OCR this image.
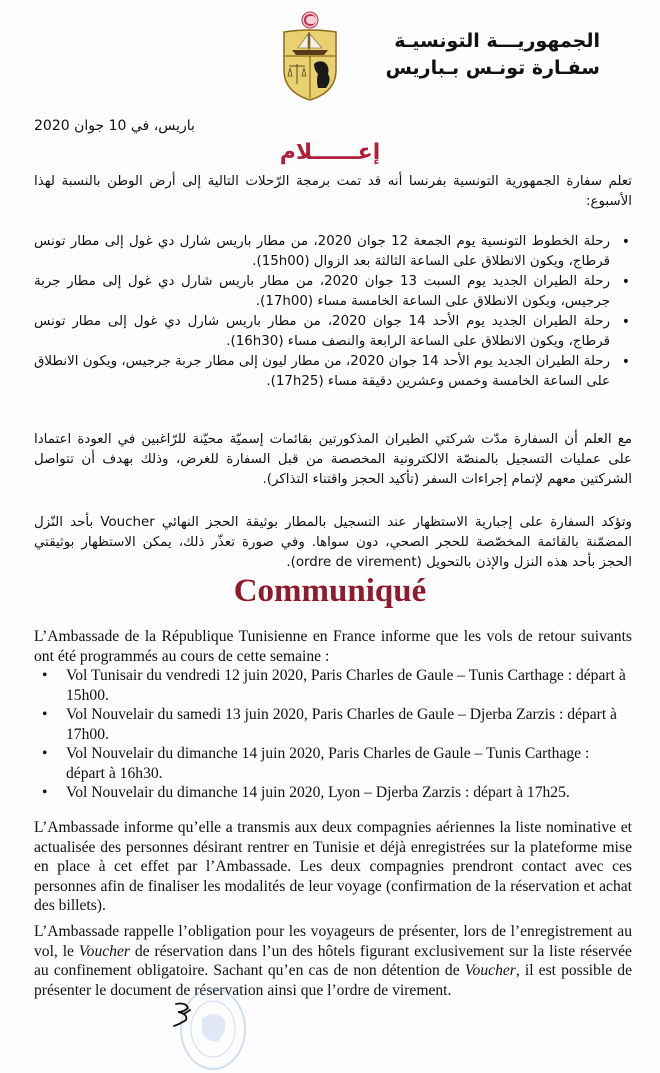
الجمهوريـــة التونسيـة
سفـارة تونـس بـباريس
باريس، في 10 جوان 2020
إعــــــلام

تعلم سفارة الجمهورية التونسية بفرنسا أنه قد تمت برمجة الرّحلات التالية إلى أرض الوطن بالنسبة لهذا الأسبوع:

• رحلة الخطوط التونسية يوم الجمعة 12 جوان 2020، من مطار باريس شارل دي غول إلى مطار تونس قرطاج، ويكون الانطلاق على الساعة الثالثة بعد الزوال (15h00).
• رحلة الطيران الجديد يوم السبت 13 جوان 2020، من مطار باريس شارل دي غول إلى مطار جربة جرجيس، ويكون الانطلاق على الساعة الخامسة مساء (17h00).
• رحلة الطيران الجديد يوم الأحد 14 جوان 2020، من مطار باريس شارل دي غول إلى مطار تونس قرطاج، ويكون الانطلاق على الساعة الرابعة والنصف مساء (16h30).
• رحلة الطيران الجديد يوم الأحد 14 جوان 2020، من مطار ليون إلى مطار جربة جرجيس، ويكون الانطلاق على الساعة الخامسة وخمس وعشرين دقيقة مساء (17h25).

مع العلم أن السفارة مدّت شركتي الطيران المذكورتين بقائمات إسميّة محيّنة للرّاغبين في العودة اعتمادا على عمليات التسجيل بالمنصّة الالكترونية المخصصة من قبل السفارة للغرض، وذلك بهدف أن تتواصل الشركتين معهم لإتمام إجراءات السفر (تأكيد الحجز واقتناء التذاكر).

وتؤكد السفارة على إجبارية الاستظهار عند التسجيل بالمطار بوثيقة الحجز النهائي Voucher بأحد النّزل المضمّنة بالقائمة المخصّصة للحجر الصحي، دون سواها. وفي صورة تعذّر ذلك، يمكن الاستظهار بوثيقتي الحجز بأحد هذه النزل والإذن بالتحويل (ordre de virement).

Communiqué

L’Ambassade de la République Tunisienne en France informe que les vols de retour suivants ont été programmés au cours de cette semaine :

• Vol Tunisair du vendredi 12 juin 2020, Paris Charles de Gaule – Tunis Carthage : départ à 15h00.
• Vol Nouvelair du samedi 13 juin 2020, Paris Charles de Gaule – Djerba Zarzis : départ à 17h00.
• Vol Nouvelair du dimanche 14 juin 2020, Paris Charles de Gaule – Tunis Carthage : départ à 16h30.
• Vol Nouvelair du dimanche 14 juin 2020, Lyon – Djerba Zarzis : départ à 17h25.

L’Ambassade informe qu’elle a transmis aux deux compagnies aériennes la liste nominative et actualisée des personnes désirant rentrer en Tunisie et déjà enregistrées sur la plateforme mise en place à cet effet par l’Ambassade. Les deux compagnies prendront contact avec ces personnes afin de finaliser les modalités de leur voyage (confirmation de la réservation et achat des billets).

L’Ambassade rappelle l’obligation pour les voyageurs de présenter, lors de l’enregistrement au vol, le Voucher de réservation dans l’un des hôtels figurant exclusivement sur la liste réservée au confinement obligatoire. Sachant qu’en cas de non détention de Voucher, il est possible de présenter le document de réservation ainsi que l’ordre de virement.
